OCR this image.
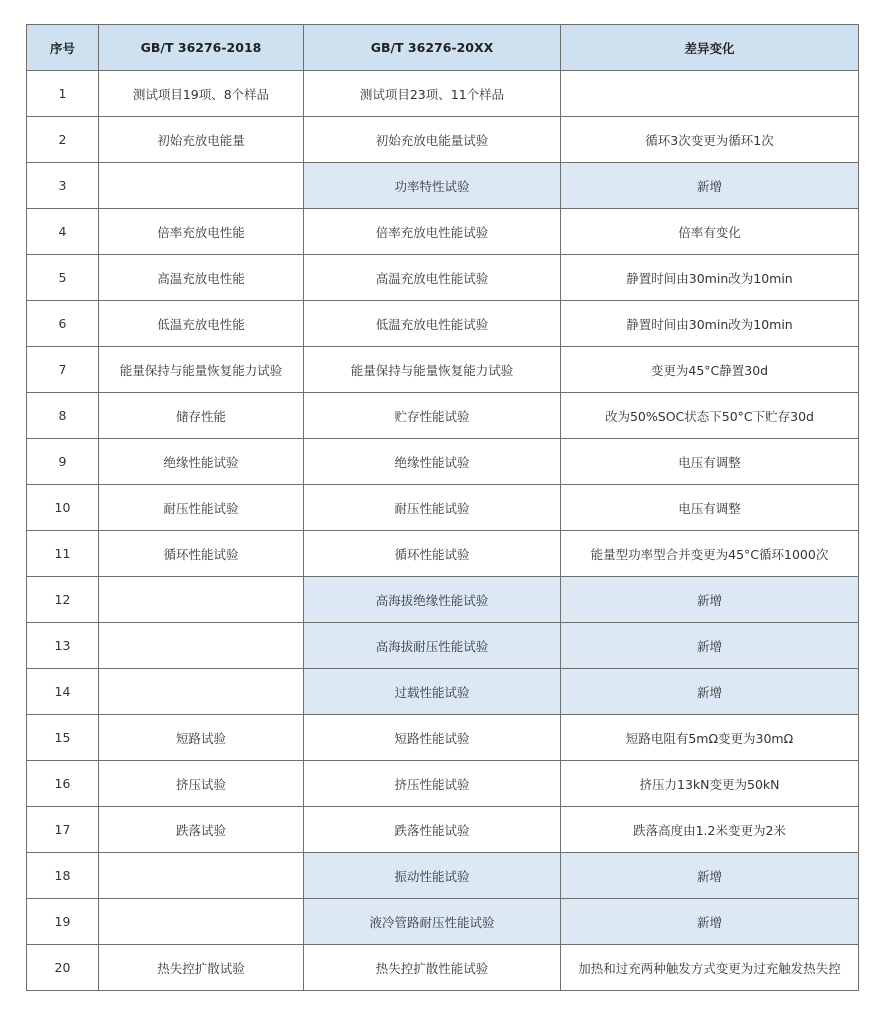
序号	GB/T 36276-2018	GB/T 36276-20XX	差异变化
1	测试项目19项、8个样品	测试项目23项、11个样品	
2	初始充放电能量	初始充放电能量试验	循环3次变更为循环1次
3		功率特性试验	新增
4	倍率充放电性能	倍率充放电性能试验	倍率有变化
5	高温充放电性能	高温充放电性能试验	静置时间由30min改为10min
6	低温充放电性能	低温充放电性能试验	静置时间由30min改为10min
7	能量保持与能量恢复能力试验	能量保持与能量恢复能力试验	变更为45°C静置30d
8	储存性能	贮存性能试验	改为50%SOC状态下50°C下贮存30d
9	绝缘性能试验	绝缘性能试验	电压有调整
10	耐压性能试验	耐压性能试验	电压有调整
11	循环性能试验	循环性能试验	能量型功率型合并变更为45°C循环1000次
12		高海拔绝缘性能试验	新增
13		高海拔耐压性能试验	新增
14		过载性能试验	新增
15	短路试验	短路性能试验	短路电阻有5mΩ变更为30mΩ
16	挤压试验	挤压性能试验	挤压力13kN变更为50kN
17	跌落试验	跌落性能试验	跌落高度由1.2米变更为2米
18		振动性能试验	新增
19		液冷管路耐压性能试验	新增
20	热失控扩散试验	热失控扩散性能试验	加热和过充两种触发方式变更为过充触发热失控
